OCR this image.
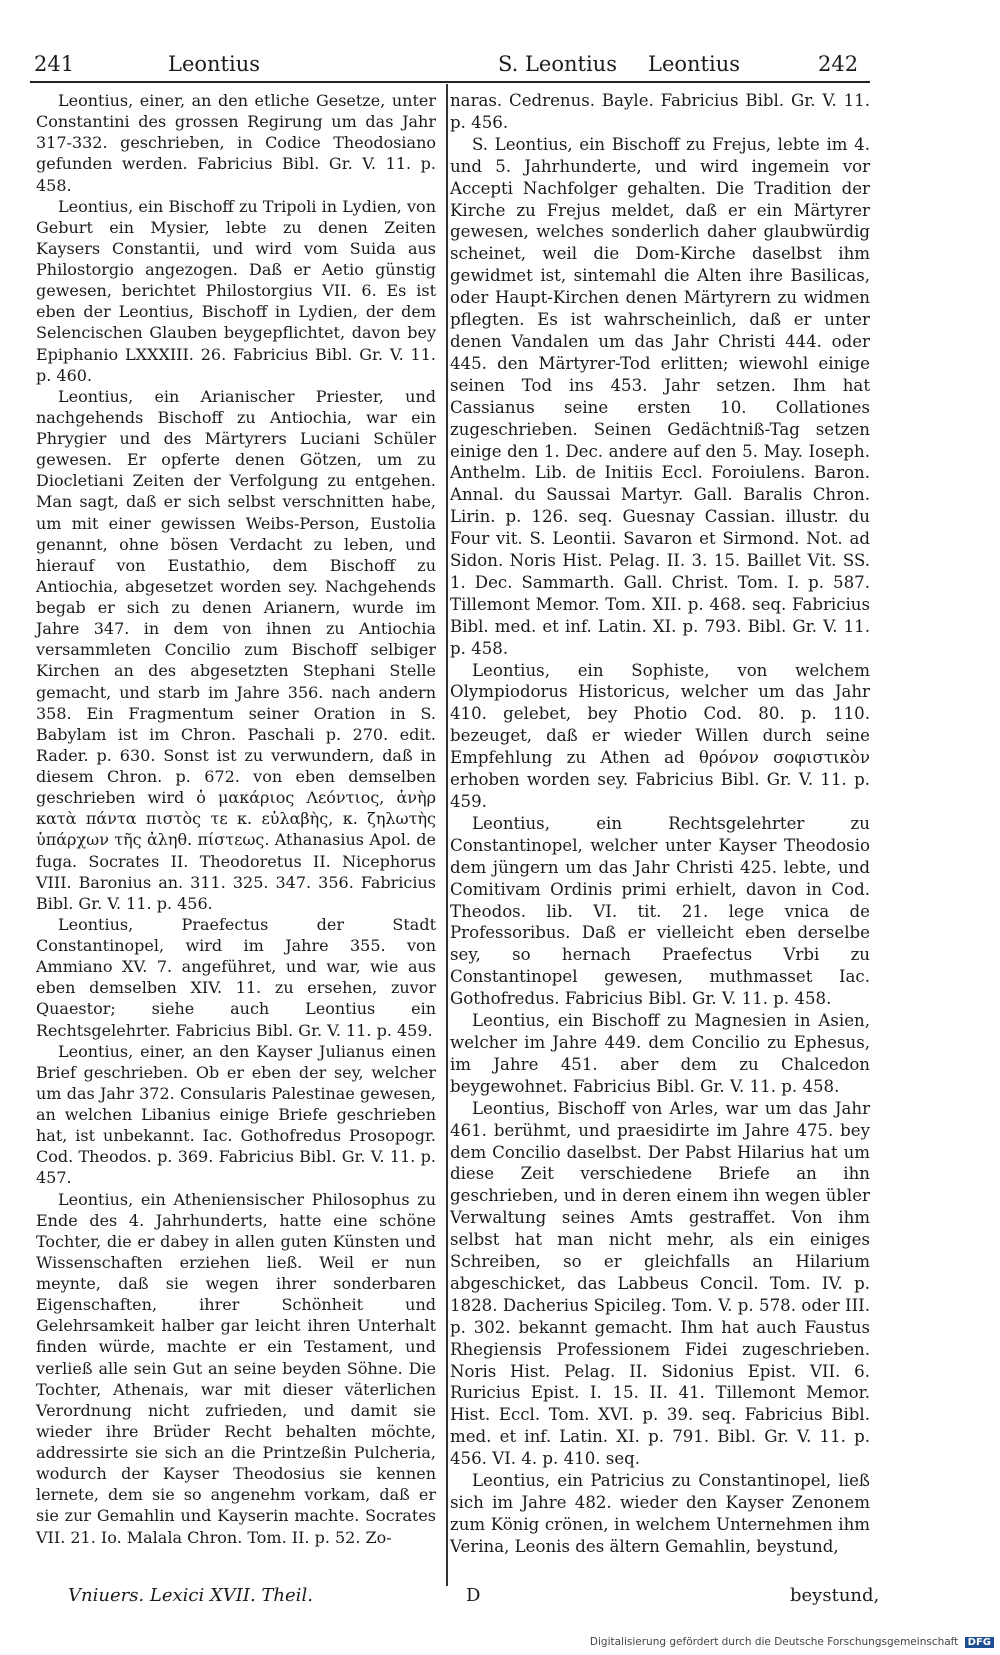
241	Leontius	S. Leontius Leontius	242

Leontius, einer, an den etliche Gesetze, unter Constantini des grossen Regirung um das Jahr 317-332. geschrieben, in Codice Theodosiano gefunden werden. Fabricius Bibl. Gr. V. 11. p. 458.

Leontius, ein Bischoff zu Tripoli in Lydien, von Geburt ein Mysier, lebte zu denen Zeiten Kaysers Constantii, und wird vom Suida aus Philostorgio angezogen. Daß er Aetio günstig gewesen, berichtet Philostorgius VII. 6. Es ist eben der Leontius, Bischoff in Lydien, der dem Selencischen Glauben beygepflichtet, davon bey Epiphanio LXXXIII. 26. Fabricius Bibl. Gr. V. 11. p. 460.

Leontius, ein Arianischer Priester, und nachgehends Bischoff zu Antiochia, war ein Phrygier und des Märtyrers Luciani Schüler gewesen. Er opferte denen Götzen, um zu Diocletiani Zeiten der Verfolgung zu entgehen. Man sagt, daß er sich selbst verschnitten habe, um mit einer gewissen Weibs-Person, Eustolia genannt, ohne bösen Verdacht zu leben, und hierauf von Eustathio, dem Bischoff zu Antiochia, abgesetzet worden sey. Nachgehends begab er sich zu denen Arianern, wurde im Jahre 347. in dem von ihnen zu Antiochia versammleten Concilio zum Bischoff selbiger Kirchen an des abgesetzten Stephani Stelle gemacht, und starb im Jahre 356. nach andern 358. Ein Fragmentum seiner Oration in S. Babylam ist im Chron. Paschali p. 270. edit. Rader. p. 630. Sonst ist zu verwundern, daß in diesem Chron. p. 672. von eben demselben geschrieben wird ὁ μακάριος Λεόντιος, ἀνὴρ κατὰ πάντα πιστὸς τε κ. εὐλαβὴς, κ. ζηλωτὴς ὑπάρχων τῆς ἀληθ. πίστεως. Athanasius Apol. de fuga. Socrates II. Theodoretus II. Nicephorus VIII. Baronius an. 311. 325. 347. 356. Fabricius Bibl. Gr. V. 11. p. 456.

Leontius, Praefectus der Stadt Constantinopel, wird im Jahre 355. von Ammiano XV. 7. angeführet, und war, wie aus eben demselben XIV. 11. zu ersehen, zuvor Quaestor; siehe auch Leontius ein Rechtsgelehrter. Fabricius Bibl. Gr. V. 11. p. 459.

Leontius, einer, an den Kayser Julianus einen Brief geschrieben. Ob er eben der sey, welcher um das Jahr 372. Consularis Palestinae gewesen, an welchen Libanius einige Briefe geschrieben hat, ist unbekannt. Iac. Gothofredus Prosopogr. Cod. Theodos. p. 369. Fabricius Bibl. Gr. V. 11. p. 457.

Leontius, ein Atheniensischer Philosophus zu Ende des 4. Jahrhunderts, hatte eine schöne Tochter, die er dabey in allen guten Künsten und Wissenschaften erziehen ließ. Weil er nun meynte, daß sie wegen ihrer sonderbaren Eigenschaften, ihrer Schönheit und Gelehrsamkeit halber gar leicht ihren Unterhalt finden würde, machte er ein Testament, und verließ alle sein Gut an seine beyden Söhne. Die Tochter, Athenais, war mit dieser väterlichen Verordnung nicht zufrieden, und damit sie wieder ihre Brüder Recht behalten möchte, addressirte sie sich an die Printzeßin Pulcheria, wodurch der Kayser Theodosius sie kennen lernete, dem sie so angenehm vorkam, daß er sie zur Gemahlin und Kayserin machte. Socrates VII. 21. Io. Malala Chron. Tom. II. p. 52. Zo-

naras. Cedrenus. Bayle. Fabricius Bibl. Gr. V. 11. p. 456.

S. Leontius, ein Bischoff zu Frejus, lebte im 4. und 5. Jahrhunderte, und wird ingemein vor Accepti Nachfolger gehalten. Die Tradition der Kirche zu Frejus meldet, daß er ein Märtyrer gewesen, welches sonderlich daher glaubwürdig scheinet, weil die Dom-Kirche daselbst ihm gewidmet ist, sintemahl die Alten ihre Basilicas, oder Haupt-Kirchen denen Märtyrern zu widmen pflegten. Es ist wahrscheinlich, daß er unter denen Vandalen um das Jahr Christi 444. oder 445. den Märtyrer-Tod erlitten; wiewohl einige seinen Tod ins 453. Jahr setzen. Ihm hat Cassianus seine ersten 10. Collationes zugeschrieben. Seinen Gedächtniß-Tag setzen einige den 1. Dec. andere auf den 5. May. Ioseph. Anthelm. Lib. de Initiis Eccl. Foroiulens. Baron. Annal. du Saussai Martyr. Gall. Baralis Chron. Lirin. p. 126. seq. Guesnay Cassian. illustr. du Four vit. S. Leontii. Savaron et Sirmond. Not. ad Sidon. Noris Hist. Pelag. II. 3. 15. Baillet Vit. SS. 1. Dec. Sammarth. Gall. Christ. Tom. I. p. 587. Tillemont Memor. Tom. XII. p. 468. seq. Fabricius Bibl. med. et inf. Latin. XI. p. 793. Bibl. Gr. V. 11. p. 458.

Leontius, ein Sophiste, von welchem Olympiodorus Historicus, welcher um das Jahr 410. gelebet, bey Photio Cod. 80. p. 110. bezeuget, daß er wieder Willen durch seine Empfehlung zu Athen ad θρόνον σοφιστικὸν erhoben worden sey. Fabricius Bibl. Gr. V. 11. p. 459.

Leontius, ein Rechtsgelehrter zu Constantinopel, welcher unter Kayser Theodosio dem jüngern um das Jahr Christi 425. lebte, und Comitivam Ordinis primi erhielt, davon in Cod. Theodos. lib. VI. tit. 21. lege vnica de Professoribus. Daß er vielleicht eben derselbe sey, so hernach Praefectus Vrbi zu Constantinopel gewesen, muthmasset Iac. Gothofredus. Fabricius Bibl. Gr. V. 11. p. 458.

Leontius, ein Bischoff zu Magnesien in Asien, welcher im Jahre 449. dem Concilio zu Ephesus, im Jahre 451. aber dem zu Chalcedon beygewohnet. Fabricius Bibl. Gr. V. 11. p. 458.

Leontius, Bischoff von Arles, war um das Jahr 461. berühmt, und praesidirte im Jahre 475. bey dem Concilio daselbst. Der Pabst Hilarius hat um diese Zeit verschiedene Briefe an ihn geschrieben, und in deren einem ihn wegen übler Verwaltung seines Amts gestraffet. Von ihm selbst hat man nicht mehr, als ein einiges Schreiben, so er gleichfalls an Hilarium abgeschicket, das Labbeus Concil. Tom. IV. p. 1828. Dacherius Spicileg. Tom. V. p. 578. oder III. p. 302. bekannt gemacht. Ihm hat auch Faustus Rhegiensis Professionem Fidei zugeschrieben. Noris Hist. Pelag. II. Sidonius Epist. VII. 6. Ruricius Epist. I. 15. II. 41. Tillemont Memor. Hist. Eccl. Tom. XVI. p. 39. seq. Fabricius Bibl. med. et inf. Latin. XI. p. 791. Bibl. Gr. V. 11. p. 456. VI. 4. p. 410. seq.

Leontius, ein Patricius zu Constantinopel, ließ sich im Jahre 482. wieder den Kayser Zenonem zum König crönen, in welchem Unternehmen ihm Verina, Leonis des ältern Gemahlin, beystund,

Vniuers. Lexici XVII. Theil.	D	beystund,
Digitalisierung gefördert durch die Deutsche Forschungsgemeinschaft DFG
